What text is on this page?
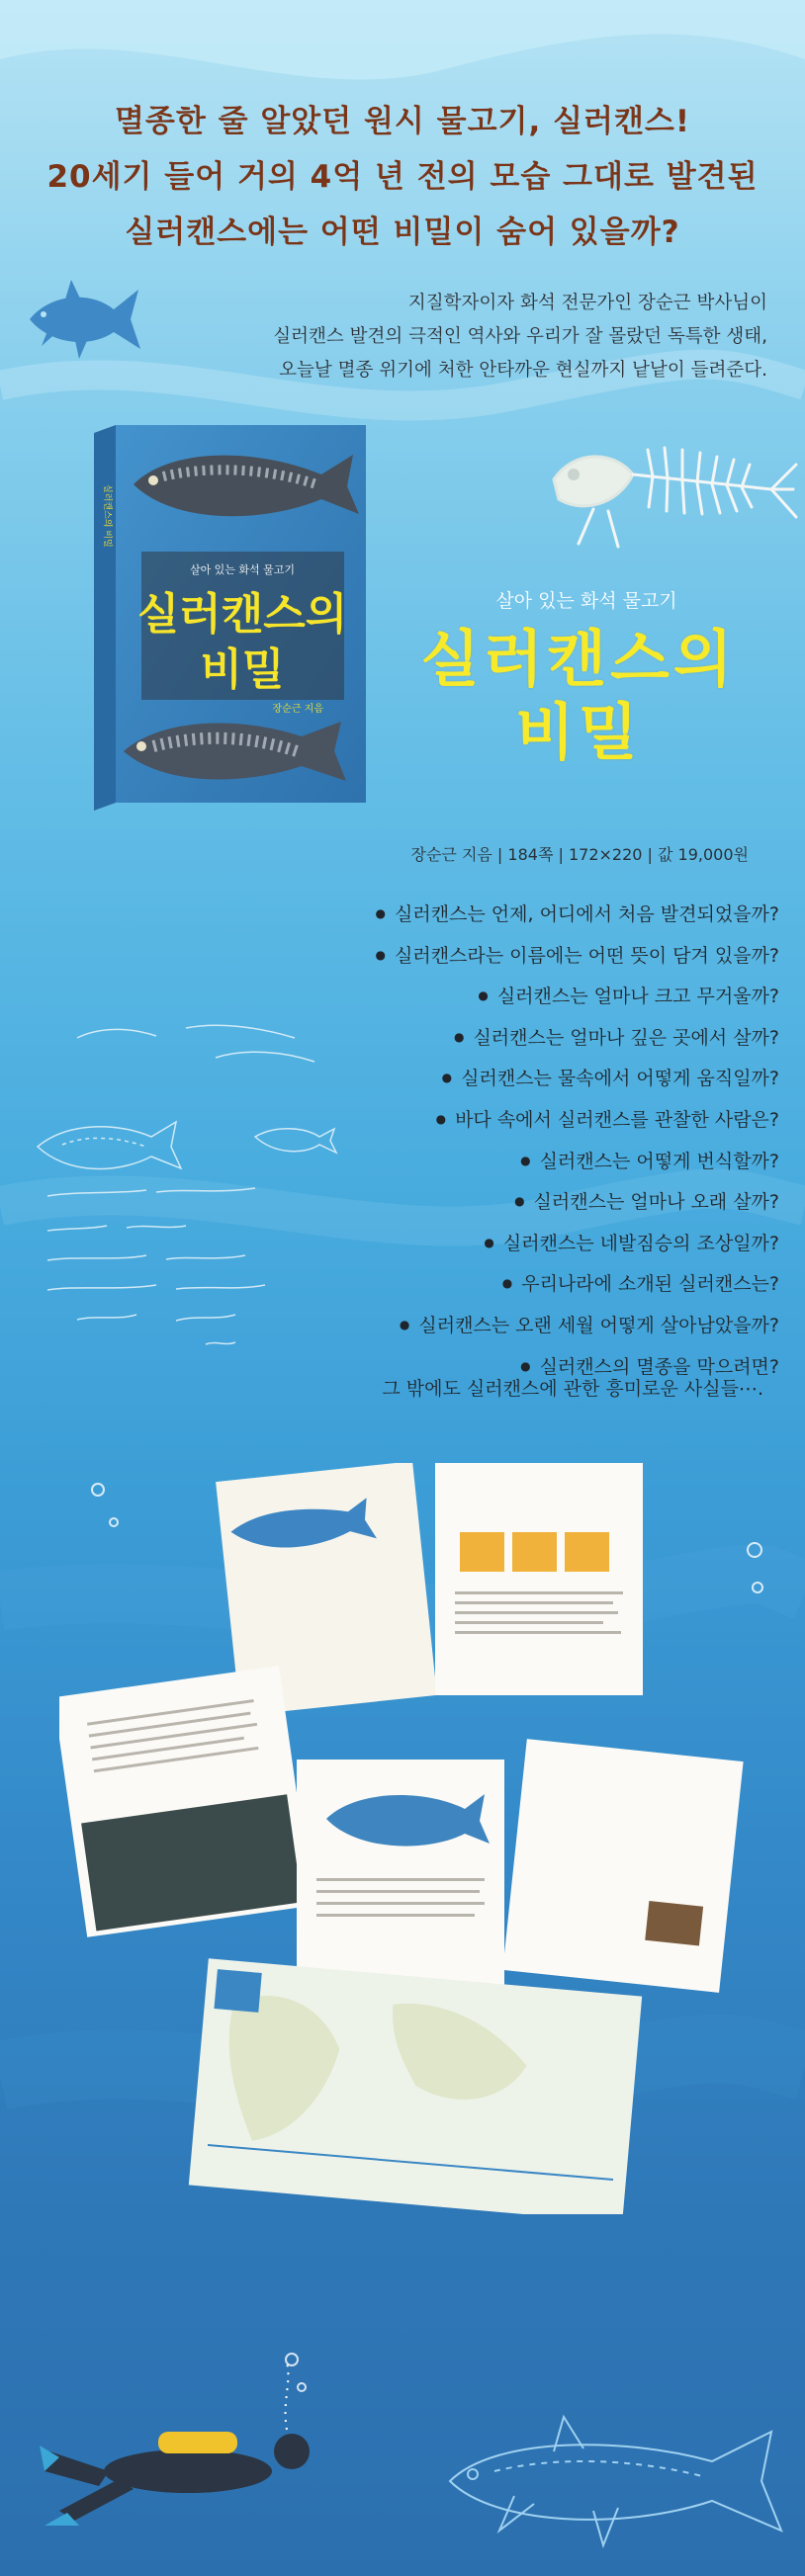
멸종한 줄 알았던 원시 물고기, 실러캔스!
20세기 들어 거의 4억 년 전의 모습 그대로 발견된
실러캔스에는 어떤 비밀이 숨어 있을까?
지질학자이자 화석 전문가인 장순근 박사님이
실러캔스 발견의 극적인 역사와 우리가 잘 몰랐던 독특한 생태,
오늘날 멸종 위기에 처한 안타까운 현실까지 낱낱이 들려준다.
살아 있는 화석 물고기
실러캔스의
비밀
장순근 지음
실러캔스의 비밀
살아 있는 화석 물고기
실러캔스의
비밀
장순근 지음 | 184쪽 | 172×220 | 값 19,000원
● 실러캔스는 언제, 어디에서 처음 발견되었을까?
● 실러캔스라는 이름에는 어떤 뜻이 담겨 있을까?
● 실러캔스는 얼마나 크고 무거울까?
● 실러캔스는 얼마나 깊은 곳에서 살까?
● 실러캔스는 물속에서 어떻게 움직일까?
● 바다 속에서 실러캔스를 관찰한 사람은?
● 실러캔스는 어떻게 번식할까?
● 실러캔스는 얼마나 오래 살까?
● 실러캔스는 네발짐승의 조상일까?
● 우리나라에 소개된 실러캔스는?
● 실러캔스는 오랜 세월 어떻게 살아남았을까?
● 실러캔스의 멸종을 막으려면?
그 밖에도 실러캔스에 관한 흥미로운 사실들⋯.
